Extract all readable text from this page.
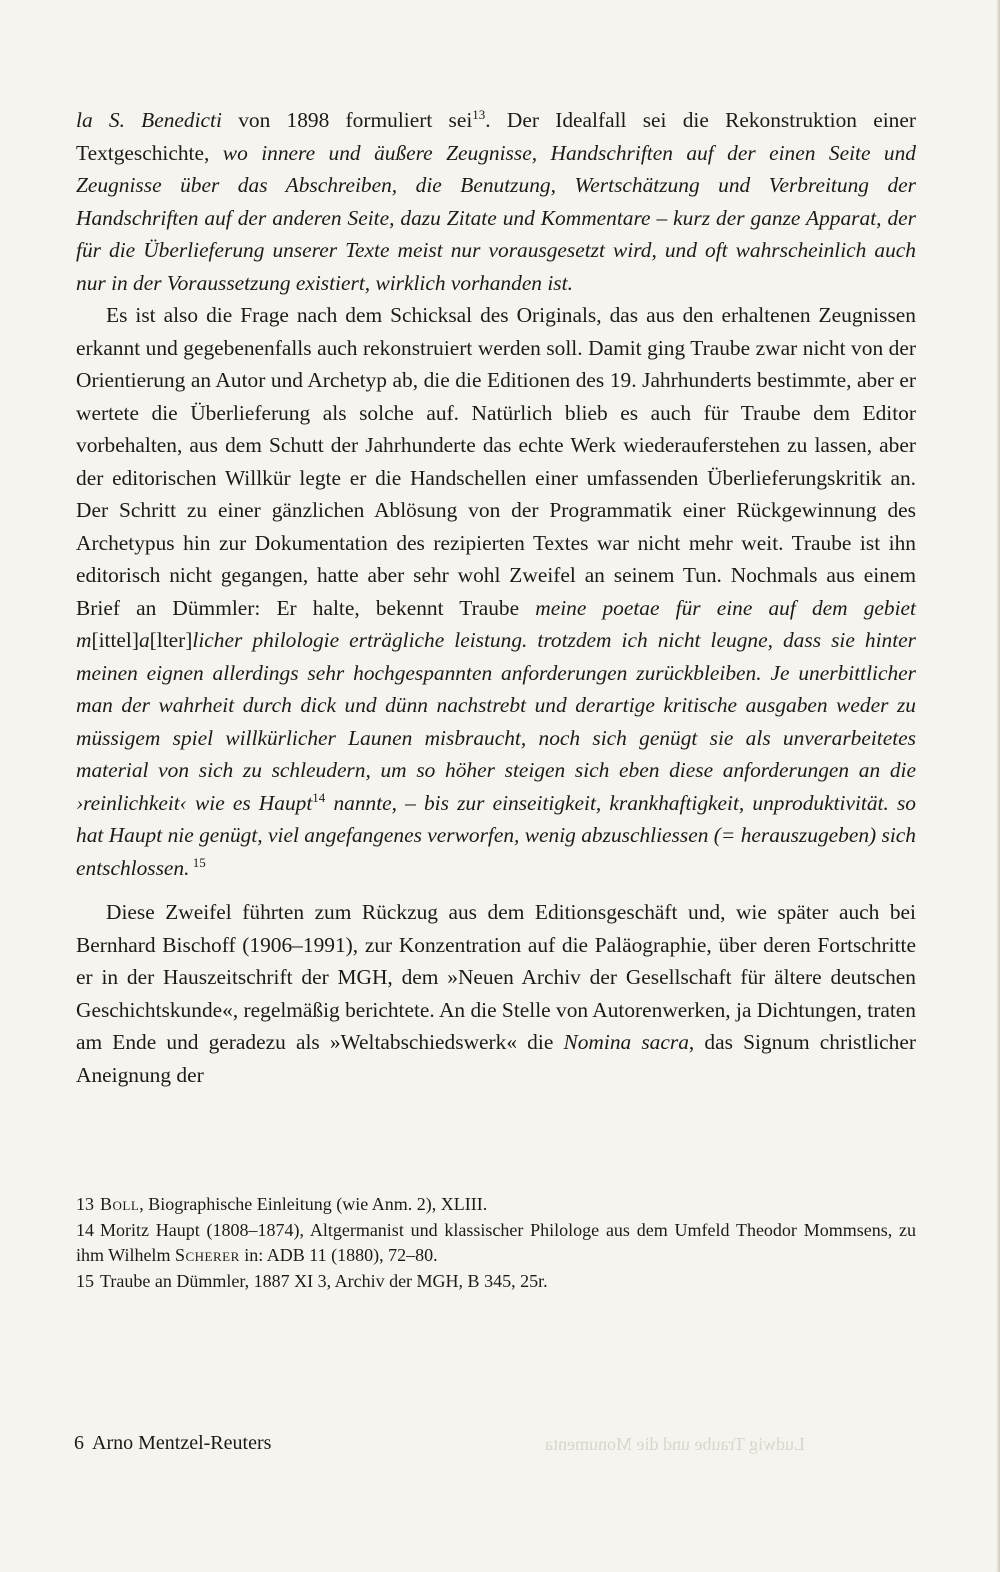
la S. Benedicti von 1898 formuliert sei$^{13}$. Der Idealfall sei die Rekonstruktion einer Textgeschichte, wo innere und äußere Zeugnisse, Handschriften auf der einen Seite und Zeugnisse über das Abschreiben, die Benutzung, Wertschätzung und Verbreitung der Handschriften auf der anderen Seite, dazu Zitate und Kommentare – kurz der ganze Apparat, der für die Überlieferung unserer Texte meist nur vorausgesetzt wird, und oft wahrscheinlich auch nur in der Voraussetzung existiert, wirklich vorhanden ist.

Es ist also die Frage nach dem Schicksal des Originals, das aus den erhaltenen Zeugnissen erkannt und gegebenenfalls auch rekonstruiert werden soll. Damit ging Traube zwar nicht von der Orientierung an Autor und Archetyp ab, die die Editionen des 19. Jahrhunderts bestimmte, aber er wertete die Überlieferung als solche auf. Natürlich blieb es auch für Traube dem Editor vorbehalten, aus dem Schutt der Jahrhunderte das echte Werk wiederauferstehen zu lassen, aber der editorischen Willkür legte er die Handschellen einer umfassenden Überlieferungskritik an. Der Schritt zu einer gänzlichen Ablösung von der Programmatik einer Rückgewinnung des Archetypus hin zur Dokumentation des rezipierten Textes war nicht mehr weit. Traube ist ihn editorisch nicht gegangen, hatte aber sehr wohl Zweifel an seinem Tun. Nochmals aus einem Brief an Dümmler: Er halte, bekennt Traube meine poetae für eine auf dem gebiet m[ittel]a[lter]licher philologie erträgliche leistung. trotzdem ich nicht leugne, dass sie hinter meinen eignen allerdings sehr hochgespannten anforderungen zurückbleiben. Je unerbittlicher man der wahrheit durch dick und dünn nachstrebt und derartige kritische ausgaben weder zu müssigem spiel willkürlicher Launen misbraucht, noch sich genügt sie als unverarbeitetes material von sich zu schleudern, um so höher steigen sich eben diese anforderungen an die ›reinlichkeit‹ wie es Haupt$^{14}$ nannte, – bis zur einseitigkeit, krankhaftigkeit, unproduktivität. so hat Haupt nie genügt, viel angefangenes verworfen, wenig abzuschliessen (= herauszugeben) sich entschlossen. $^{15}$

Diese Zweifel führten zum Rückzug aus dem Editionsgeschäft und, wie später auch bei Bernhard Bischoff (1906–1991), zur Konzentration auf die Paläographie, über deren Fortschritte er in der Hauszeitschrift der MGH, dem »Neuen Archiv der Gesellschaft für ältere deutschen Geschichtskunde«, regelmäßig berichtete. An die Stelle von Autorenwerken, ja Dichtungen, traten am Ende und geradezu als »Weltabschiedswerk« die Nomina sacra, das Signum christlicher Aneignung der

13 Boll, Biographische Einleitung (wie Anm. 2), XLIII.

14 Moritz Haupt (1808–1874), Altgermanist und klassischer Philologe aus dem Umfeld Theodor Mommsens, zu ihm Wilhelm Scherer in: ADB 11 (1880), 72–80.

15 Traube an Dümmler, 1887 XI 3, Archiv der MGH, B 345, 25r.

6 Arno Mentzel-Reuters	Ludwig Traube und die Monumenta
